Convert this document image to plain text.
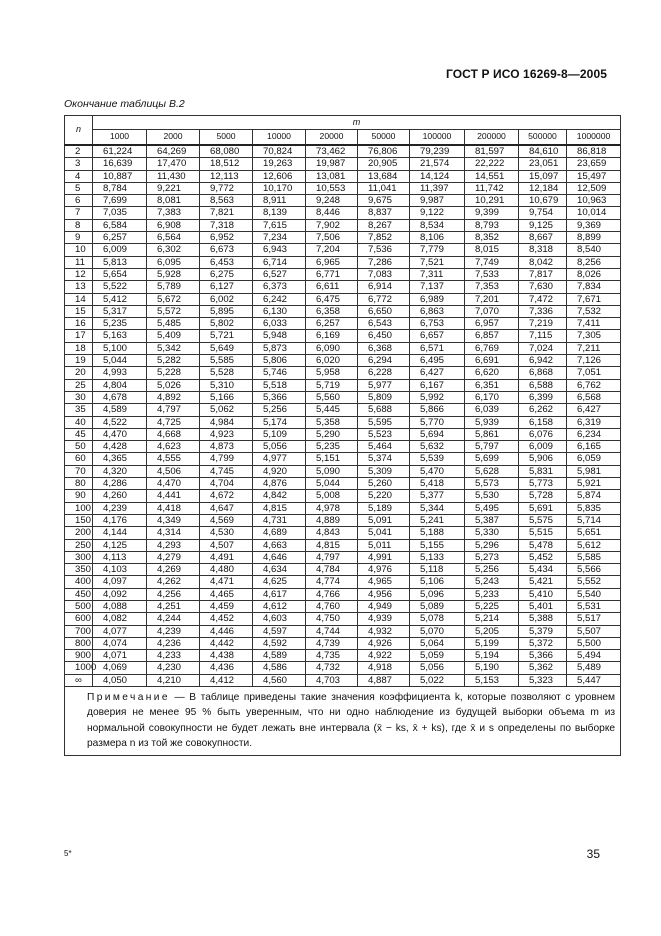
ГОСТ Р ИСО 16269-8—2005
Окончание таблицы В.2
n	m									
	1000	2000	5000	10000	20000	50000	100000	200000	500000	1000000
2	61,224	64,269	68,080	70,824	73,462	76,806	79,239	81,597	84,610	86,818
3	16,639	17,470	18,512	19,263	19,987	20,905	21,574	22,222	23,051	23,659
4	10,887	11,430	12,113	12,606	13,081	13,684	14,124	14,551	15,097	15,497
5	8,784	9,221	9,772	10,170	10,553	11,041	11,397	11,742	12,184	12,509
6	7,699	8,081	8,563	8,911	9,248	9,675	9,987	10,291	10,679	10,963
7	7,035	7,383	7,821	8,139	8,446	8,837	9,122	9,399	9,754	10,014
8	6,584	6,908	7,318	7,615	7,902	8,267	8,534	8,793	9,125	9,369
9	6,257	6,564	6,952	7,234	7,506	7,852	8,106	8,352	8,667	8,899
10	6,009	6,302	6,673	6,943	7,204	7,536	7,779	8,015	8,318	8,540
11	5,813	6,095	6,453	6,714	6,965	7,286	7,521	7,749	8,042	8,256
12	5,654	5,928	6,275	6,527	6,771	7,083	7,311	7,533	7,817	8,026
13	5,522	5,789	6,127	6,373	6,611	6,914	7,137	7,353	7,630	7,834
14	5,412	5,672	6,002	6,242	6,475	6,772	6,989	7,201	7,472	7,671
15	5,317	5,572	5,895	6,130	6,358	6,650	6,863	7,070	7,336	7,532
16	5,235	5,485	5,802	6,033	6,257	6,543	6,753	6,957	7,219	7,411
17	5,163	5,409	5,721	5,948	6,169	6,450	6,657	6,857	7,115	7,305
18	5,100	5,342	5,649	5,873	6,090	6,368	6,571	6,769	7,024	7,211
19	5,044	5,282	5,585	5,806	6,020	6,294	6,495	6,691	6,942	7,126
20	4,993	5,228	5,528	5,746	5,958	6,228	6,427	6,620	6,868	7,051
25	4,804	5,026	5,310	5,518	5,719	5,977	6,167	6,351	6,588	6,762
30	4,678	4,892	5,166	5,366	5,560	5,809	5,992	6,170	6,399	6,568
35	4,589	4,797	5,062	5,256	5,445	5,688	5,866	6,039	6,262	6,427
40	4,522	4,725	4,984	5,174	5,358	5,595	5,770	5,939	6,158	6,319
45	4,470	4,668	4,923	5,109	5,290	5,523	5,694	5,861	6,076	6,234
50	4,428	4,623	4,873	5,056	5,235	5,464	5,632	5,797	6,009	6,165
60	4,365	4,555	4,799	4,977	5,151	5,374	5,539	5,699	5,906	6,059
70	4,320	4,506	4,745	4,920	5,090	5,309	5,470	5,628	5,831	5,981
80	4,286	4,470	4,704	4,876	5,044	5,260	5,418	5,573	5,773	5,921
90	4,260	4,441	4,672	4,842	5,008	5,220	5,377	5,530	5,728	5,874
100	4,239	4,418	4,647	4,815	4,978	5,189	5,344	5,495	5,691	5,835
150	4,176	4,349	4,569	4,731	4,889	5,091	5,241	5,387	5,575	5,714
200	4,144	4,314	4,530	4,689	4,843	5,041	5,188	5,330	5,515	5,651
250	4,125	4,293	4,507	4,663	4,815	5,011	5,155	5,296	5,478	5,612
300	4,113	4,279	4,491	4,646	4,797	4,991	5,133	5,273	5,452	5,585
350	4,103	4,269	4,480	4,634	4,784	4,976	5,118	5,256	5,434	5,566
400	4,097	4,262	4,471	4,625	4,774	4,965	5,106	5,243	5,421	5,552
450	4,092	4,256	4,465	4,617	4,766	4,956	5,096	5,233	5,410	5,540
500	4,088	4,251	4,459	4,612	4,760	4,949	5,089	5,225	5,401	5,531
600	4,082	4,244	4,452	4,603	4,750	4,939	5,078	5,214	5,388	5,517
700	4,077	4,239	4,446	4,597	4,744	4,932	5,070	5,205	5,379	5,507
800	4,074	4,236	4,442	4,592	4,739	4,926	5,064	5,199	5,372	5,500
900	4,071	4,233	4,438	4,589	4,735	4,922	5,059	5,194	5,366	5,494
1000	4,069	4,230	4,436	4,586	4,732	4,918	5,056	5,190	5,362	5,489
∞	4,050	4,210	4,412	4,560	4,703	4,887	5,022	5,153	5,323	5,447
Примечание — В таблице приведены такие значения коэффициента k, которые позволяют с уровнем доверия не менее 95 % быть уверенным, что ни одно наблюдение из будущей выборки объема m из нормальной совокупности не будет лежать вне интервала (x̄ − ks, x̄ + ks), где x̄ и s определены по выборке размера n из той же совокупности.										
5*	35
